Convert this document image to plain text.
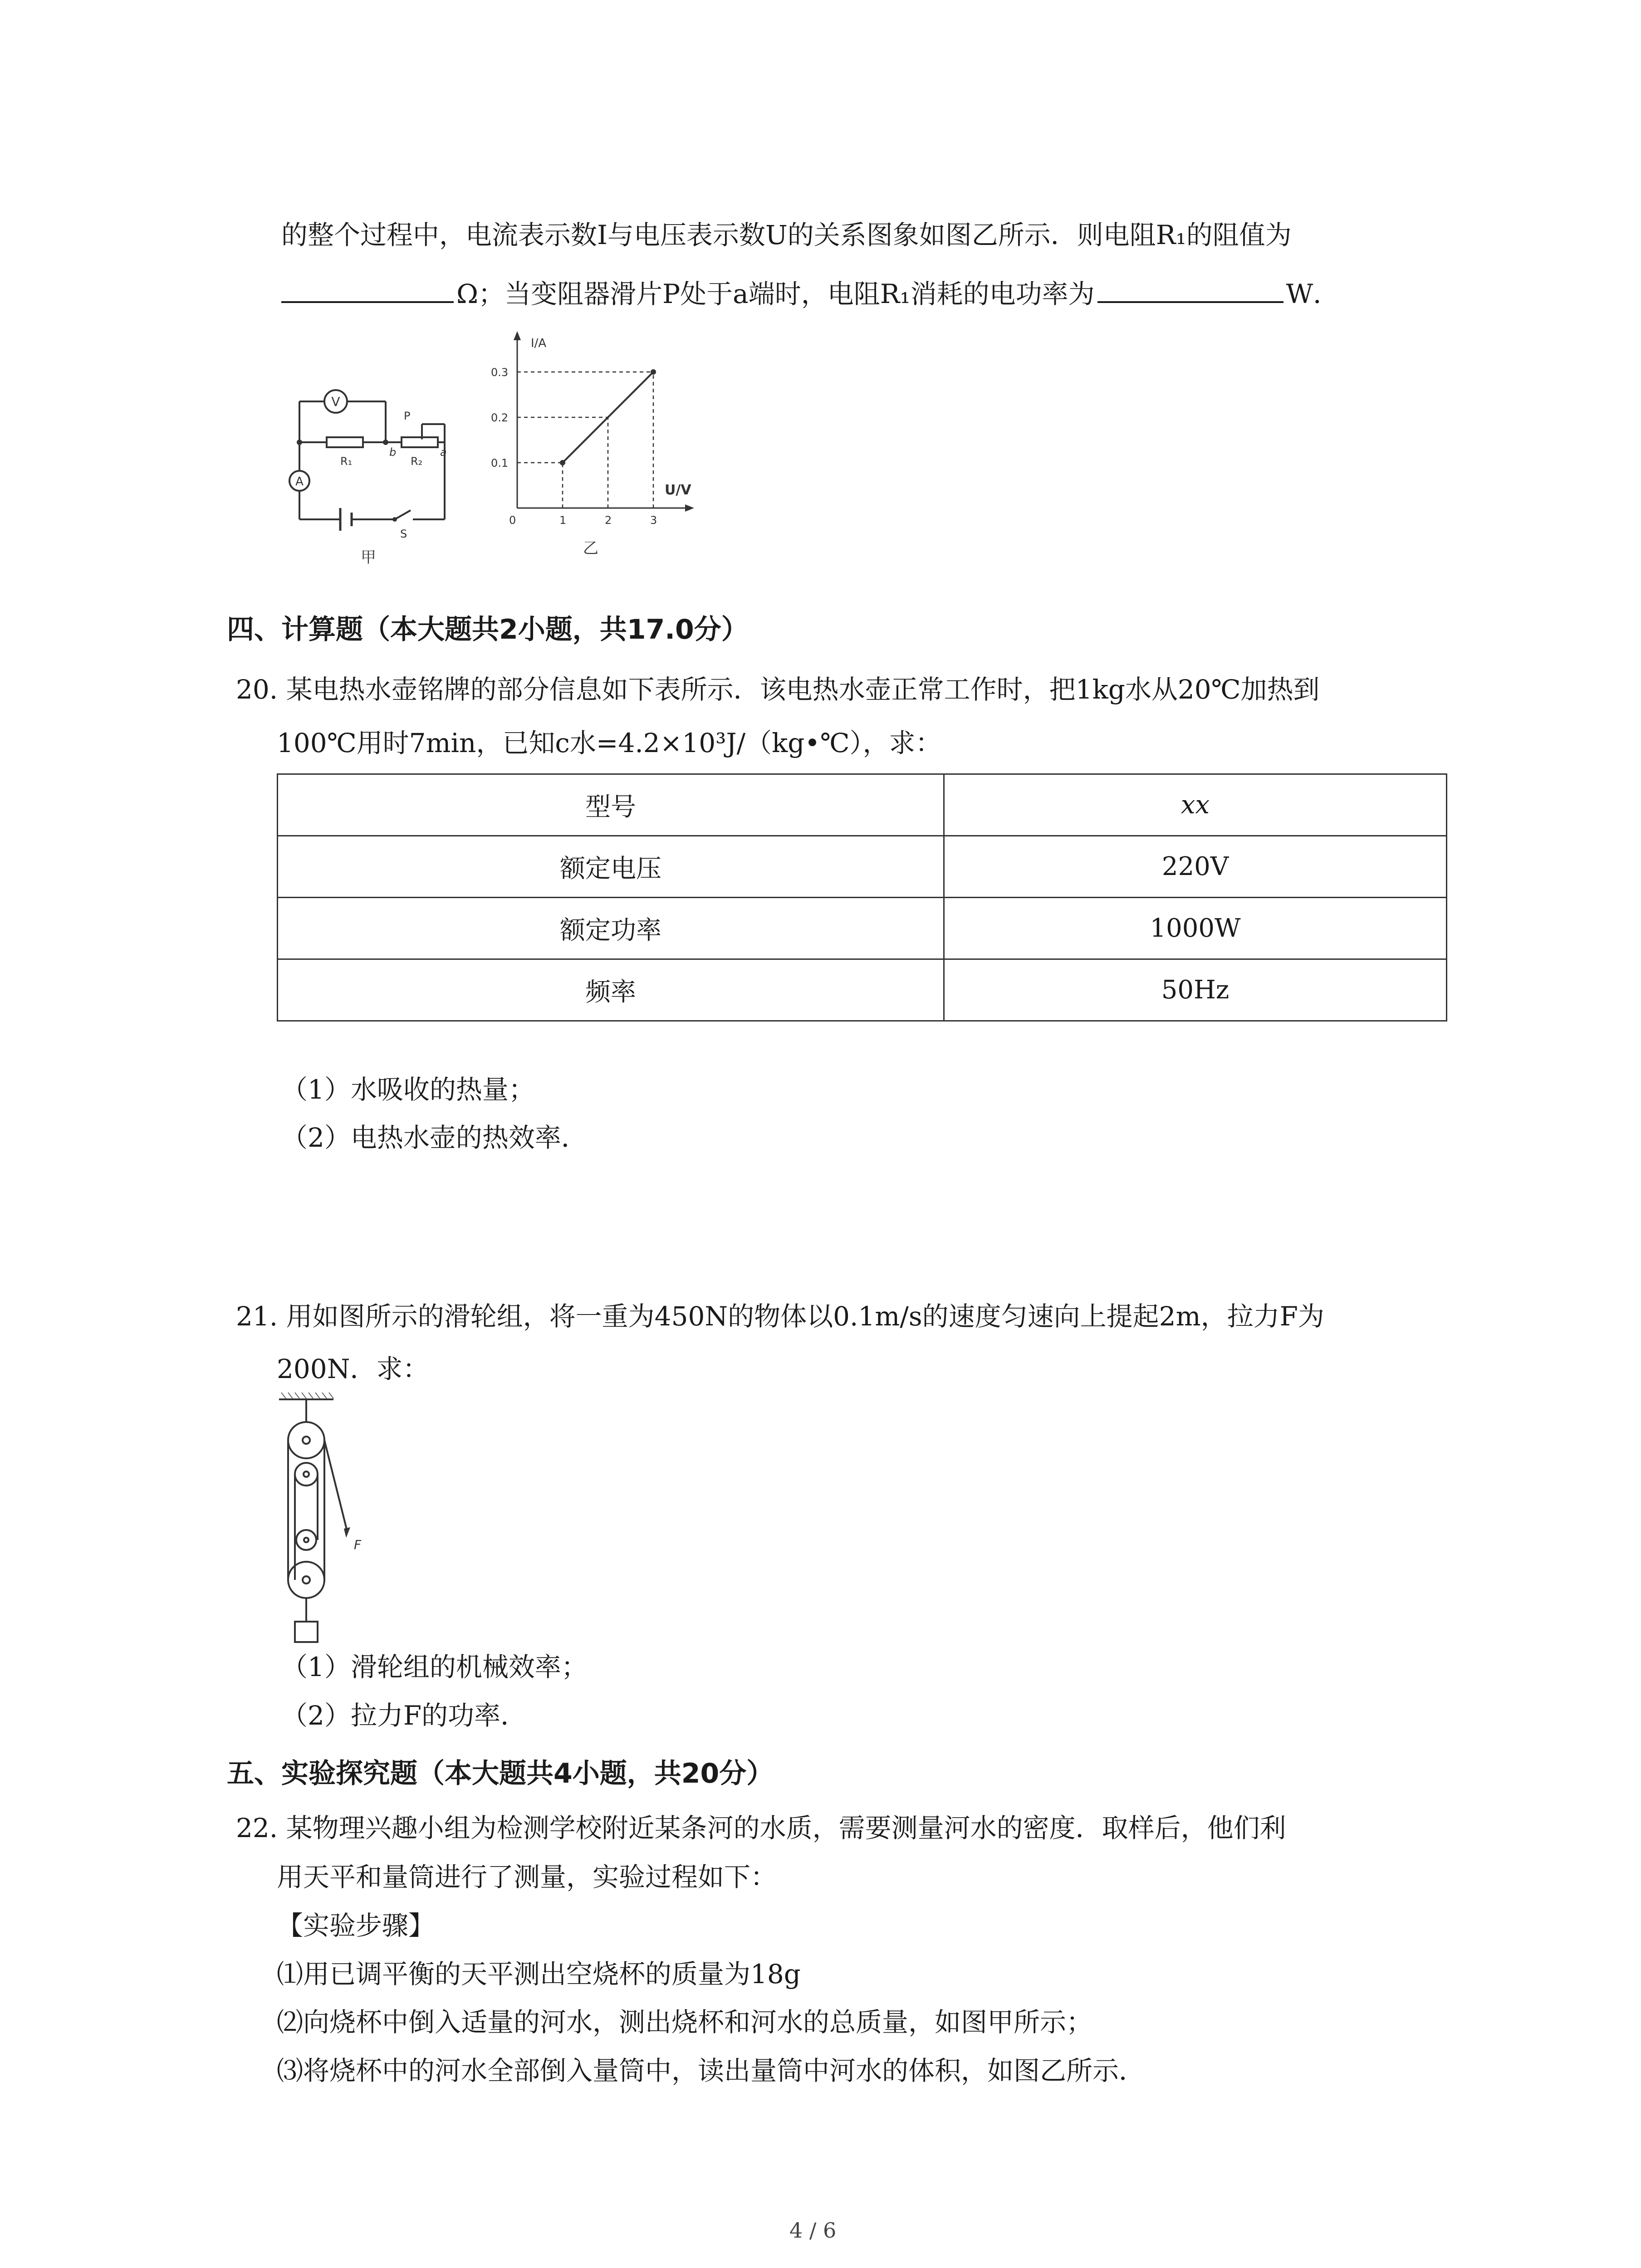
的整个过程中，电流表示数I与电压表示数U的关系图象如图乙所示．则电阻R₁的阻值为
Ω；当变阻器滑片P处于a端时，电阻R₁消耗的电功率为	W．
V
A
R₁	R₂
P
a
b
S
甲
I/A
U/V
0	1	2	3
0.1
0.2
0.3
乙
四、计算题（本大题共2小题，共17.0分）
20. 某电热水壶铭牌的部分信息如下表所示．该电热水壶正常工作时，把1kg水从20℃加热到
100℃用时7min，已知c水=4.2×10³J/（kg•℃），求：
型号	xx
额定电压	220V
额定功率	1000W
频率	50Hz
（1）水吸收的热量；
（2）电热水壶的热效率．
21. 用如图所示的滑轮组，将一重为450N的物体以0.1m/s的速度匀速向上提起2m，拉力F为
200N．求：
F
（1）滑轮组的机械效率；
（2）拉力F的功率．
五、实验探究题（本大题共4小题，共20分）
22. 某物理兴趣小组为检测学校附近某条河的水质，需要测量河水的密度．取样后，他们利
用天平和量筒进行了测量，实验过程如下：
【实验步骤】
⑴用已调平衡的天平测出空烧杯的质量为18g
⑵向烧杯中倒入适量的河水，测出烧杯和河水的总质量，如图甲所示；
⑶将烧杯中的河水全部倒入量筒中，读出量筒中河水的体积，如图乙所示．
4 / 6
